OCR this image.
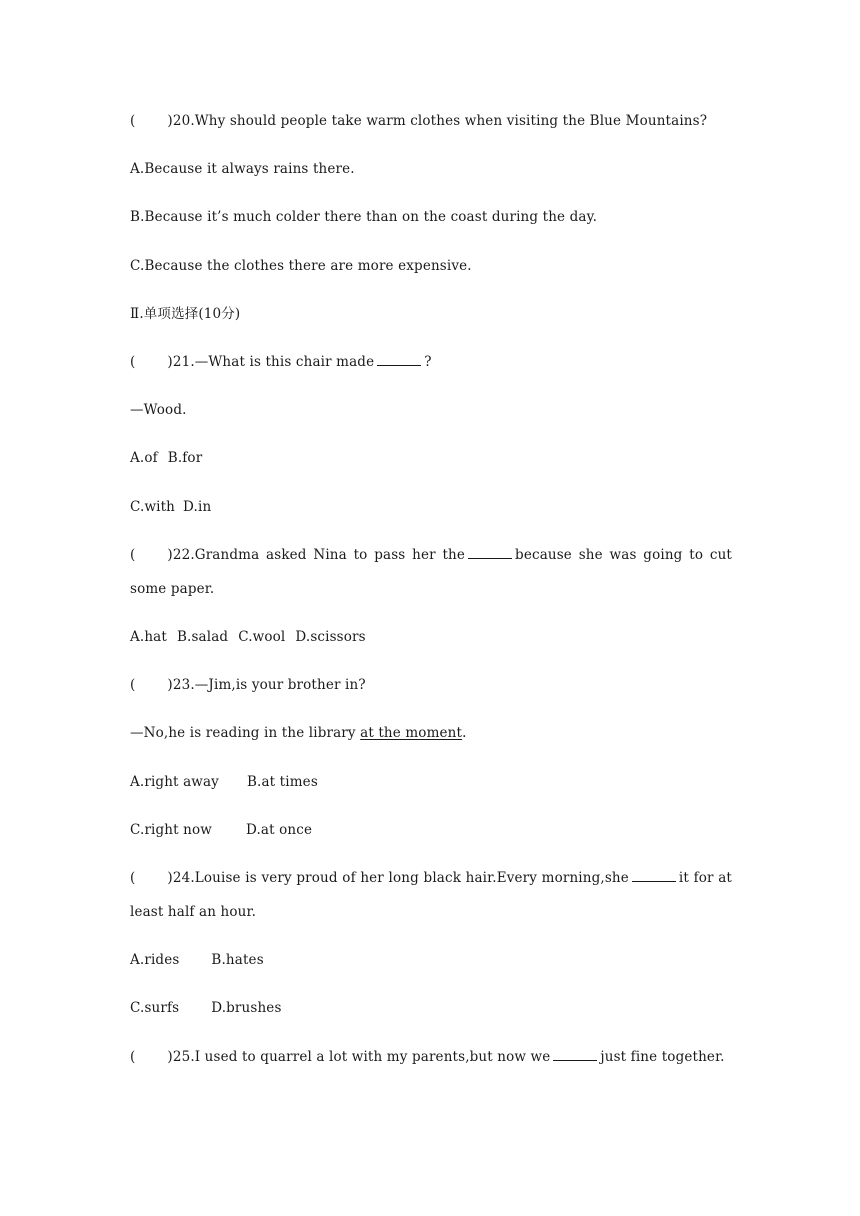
( )20.Why should people take warm clothes when visiting the Blue Mountains?
A.Because it always rains there.
B.Because it’s much colder there than on the coast during the day.
C.Because the clothes there are more expensive.
Ⅱ.单项选择(10分)
( )21.—What is this chair made	?
—Wood.
A.of B.for
C.with D.in
( )22.Grandma asked Nina to pass her the	because she was going to cut some paper.
A.hat B.salad C.wool D.scissors
( )23.—Jim,is your brother in?
—No,he is reading in the library at the moment.
A.right away B.at times
C.right now	D.at once
( )24.Louise is very proud of her long black hair.Every morning,she	it for at least half an hour.
A.rides B.hates
C.surfs D.brushes
( )25.I used to quarrel a lot with my parents,but now we	just fine together.
